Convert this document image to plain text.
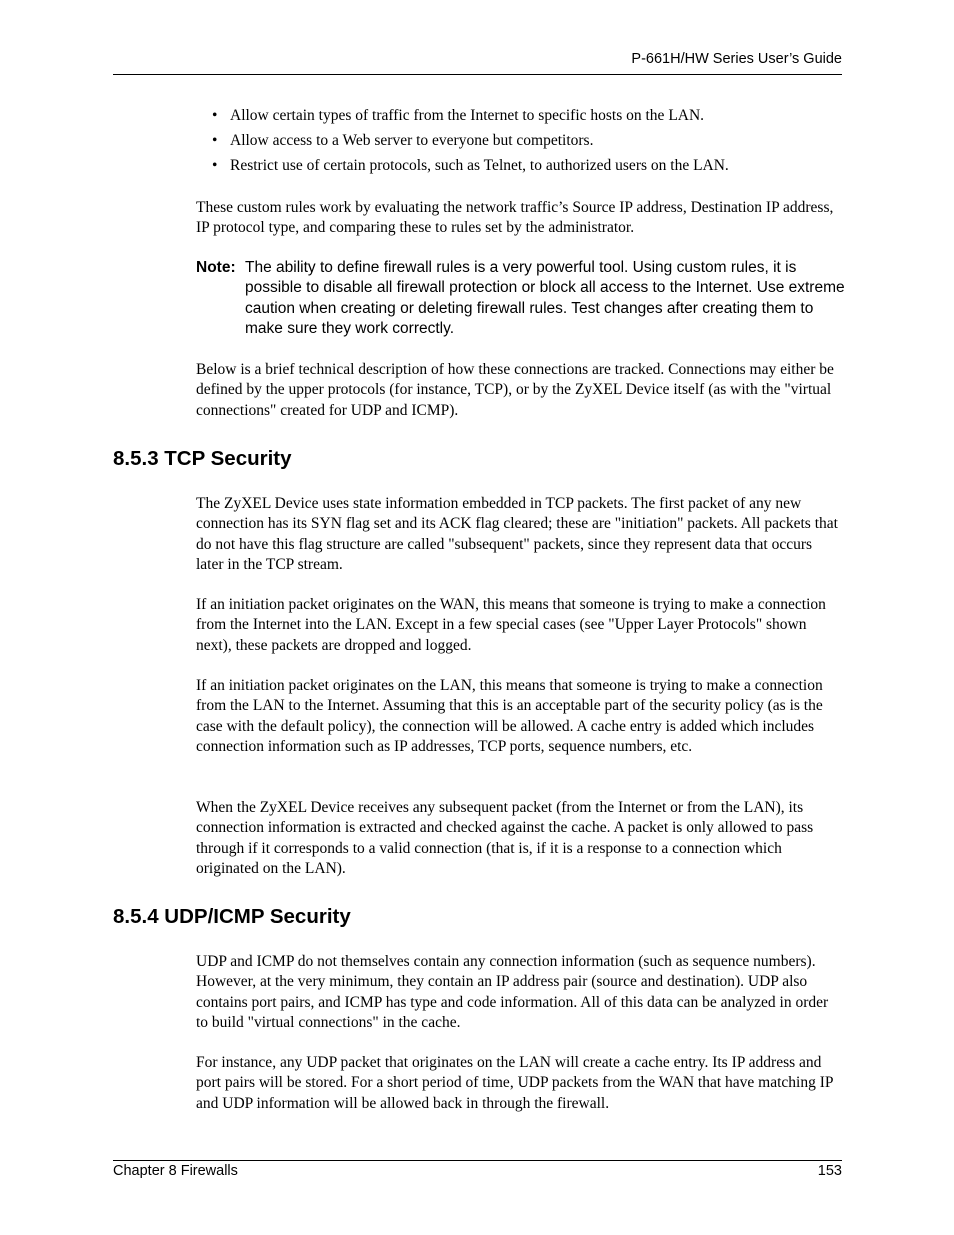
P-661H/HW Series User’s Guide
• Allow certain types of traffic from the Internet to specific hosts on the LAN.
• Allow access to a Web server to everyone but competitors.
• Restrict use of certain protocols, such as Telnet, to authorized users on the LAN.

These custom rules work by evaluating the network traffic’s Source IP address, Destination IP address, IP protocol type, and comparing these to rules set by the administrator.

Note: The ability to define firewall rules is a very powerful tool. Using custom rules, it is possible to disable all firewall protection or block all access to the Internet. Use extreme caution when creating or deleting firewall rules. Test changes after creating them to make sure they work correctly.

Below is a brief technical description of how these connections are tracked. Connections may either be defined by the upper protocols (for instance, TCP), or by the ZyXEL Device itself (as with the "virtual connections" created for UDP and ICMP).

8.5.3 TCP Security

The ZyXEL Device uses state information embedded in TCP packets. The first packet of any new connection has its SYN flag set and its ACK flag cleared; these are "initiation" packets. All packets that do not have this flag structure are called "subsequent" packets, since they represent data that occurs later in the TCP stream.

If an initiation packet originates on the WAN, this means that someone is trying to make a connection from the Internet into the LAN. Except in a few special cases (see "Upper Layer Protocols" shown next), these packets are dropped and logged.

If an initiation packet originates on the LAN, this means that someone is trying to make a connection from the LAN to the Internet. Assuming that this is an acceptable part of the security policy (as is the case with the default policy), the connection will be allowed. A cache entry is added which includes connection information such as IP addresses, TCP ports, sequence numbers, etc.

When the ZyXEL Device receives any subsequent packet (from the Internet or from the LAN), its connection information is extracted and checked against the cache. A packet is only allowed to pass through if it corresponds to a valid connection (that is, if it is a response to a connection which originated on the LAN).

8.5.4 UDP/ICMP Security

UDP and ICMP do not themselves contain any connection information (such as sequence numbers). However, at the very minimum, they contain an IP address pair (source and destination). UDP also contains port pairs, and ICMP has type and code information. All of this data can be analyzed in order to build "virtual connections" in the cache.

For instance, any UDP packet that originates on the LAN will create a cache entry. Its IP address and port pairs will be stored. For a short period of time, UDP packets from the WAN that have matching IP and UDP information will be allowed back in through the firewall.

Chapter 8 Firewalls	153
